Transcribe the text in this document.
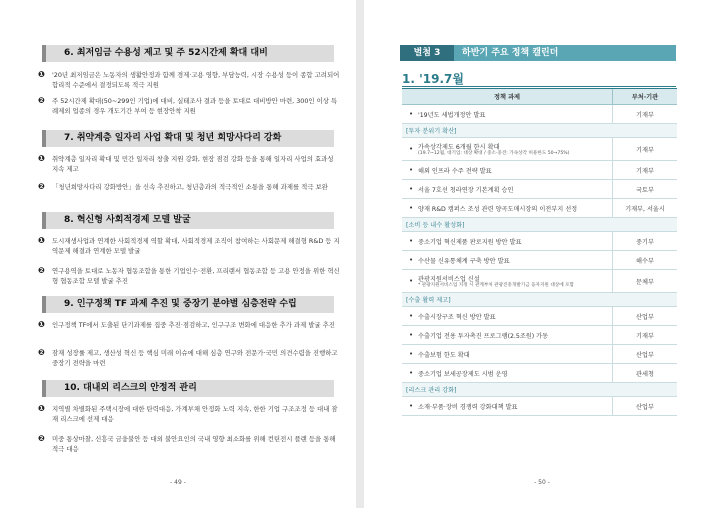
- 49 -
6. 최저임금 수용성 제고 및 주 52시간제 확대 대비
❶ '20년 최저임금은 노동자의 생활안정과 함께 경제·고용 영향, 부담능력, 시장 수용성 등이 종합 고려되어 합리적 수준에서 결정되도록 적극 지원
❷ 주 52시간제 확대(50~299인 기업)에 대비, 실태조사 결과 등을 토대로 대비방안 마련, 300인 이상 특례제외 업종의 경우 개도기간 부여 등 현장안착 지원
7. 취약계층 일자리 사업 확대 및 청년 희망사다리 강화
❶ 취약계층 일자리 확대 및 민간 일자리 창출 지원 강화, 현장 점검 강화 등을 통해 일자리 사업의 효과성 지속 제고
❷ 「청년희망사다리 강화방안」을 신속 추진하고, 청년층과의 적극적인 소통을 통해 과제를 적극 보완
8. 혁신형 사회적경제 모델 발굴
❶ 도시재생사업과 연계한 사회적경제 역할 확대, 사회적경제 조직이 참여하는 사회문제 해결형 R&D 등 지역문제 해결과 연계한 모델 발굴
❷ 연구용역을 토대로 노동자 협동조합을 통한 기업인수·전환, 프리랜서 협동조합 등 고용 안정을 위한 혁신형 협동조합 모델 발굴 추진
9. 인구정책 TF 과제 추진 및 중장기 분야별 심층전략 수립
❶ 인구정책 TF에서 도출된 단기과제를 집중 추진·점검하고, 인구구조 변화에 대응한 추가 과제 발굴 추진
❷ 잠재 성장률 제고, 생산성 혁신 등 핵심 미래 이슈에 대해 심층 연구와 전문가·국민 의견수렴을 진행하고 중장기 전략을 마련
10. 대내외 리스크의 안정적 관리
❶ 지역별 차별화된 주택시장에 대한 탄력대응, 가계부채 안정화 노력 지속, 한한 기업 구조조정 등 대내 잠재 리스크에 선제 대응
❷ 미중 통상마찰, 신흥국 금융불안 등 대외 불안요인의 국내 영향 최소화를 위해 컨틴전시 플랜 등을 통해 적극 대응
- 50 -
별첨 3	하반기 주요 정책 캘린더
1. '19.7월
정책 과제	부처·기관

• '19년도 세법개정안 발표	기재부
[투자 분위기 확산]	

• 가속상각제도 6개월 한시 확대
(19.7~12월, 대기업: 대상 확대 / 중소·중견: 가속상각 허용한도 50→75%)	기재부

• 해외 인프라 수주 전략 발표	기재부

• 서울 7호선 청라연장 기본계획 승인	국토부

• 양재 R&D 캠퍼스 조성 관련 양곡도매시장의 이전부지 선정	기재부, 서울시
[소비 등 내수 활성화]	

• 중소기업 혁신제품 판로지원 방안 발표	중기부

• 수산물 신유통체계 구축 방안 발표	해수부

• 관광지원서비스업 신설
* 관광지원서비스업 지정 시 관계부처 관광진흥개발기금 융자지원 대상에 포함	문체부
[수출 활력 제고]	

• 수출시장구조 혁신 방안 발표	산업부

• 수출기업 전용 투자촉진 프로그램(2.5조원) 가동	기재부

• 수출보험 한도 확대	산업부

• 중소기업 보세공장제도 시범 운영	관세청
[리스크 관리 강화]	

• 소재·부품·장비 경쟁력 강화대책 발표	산업부
